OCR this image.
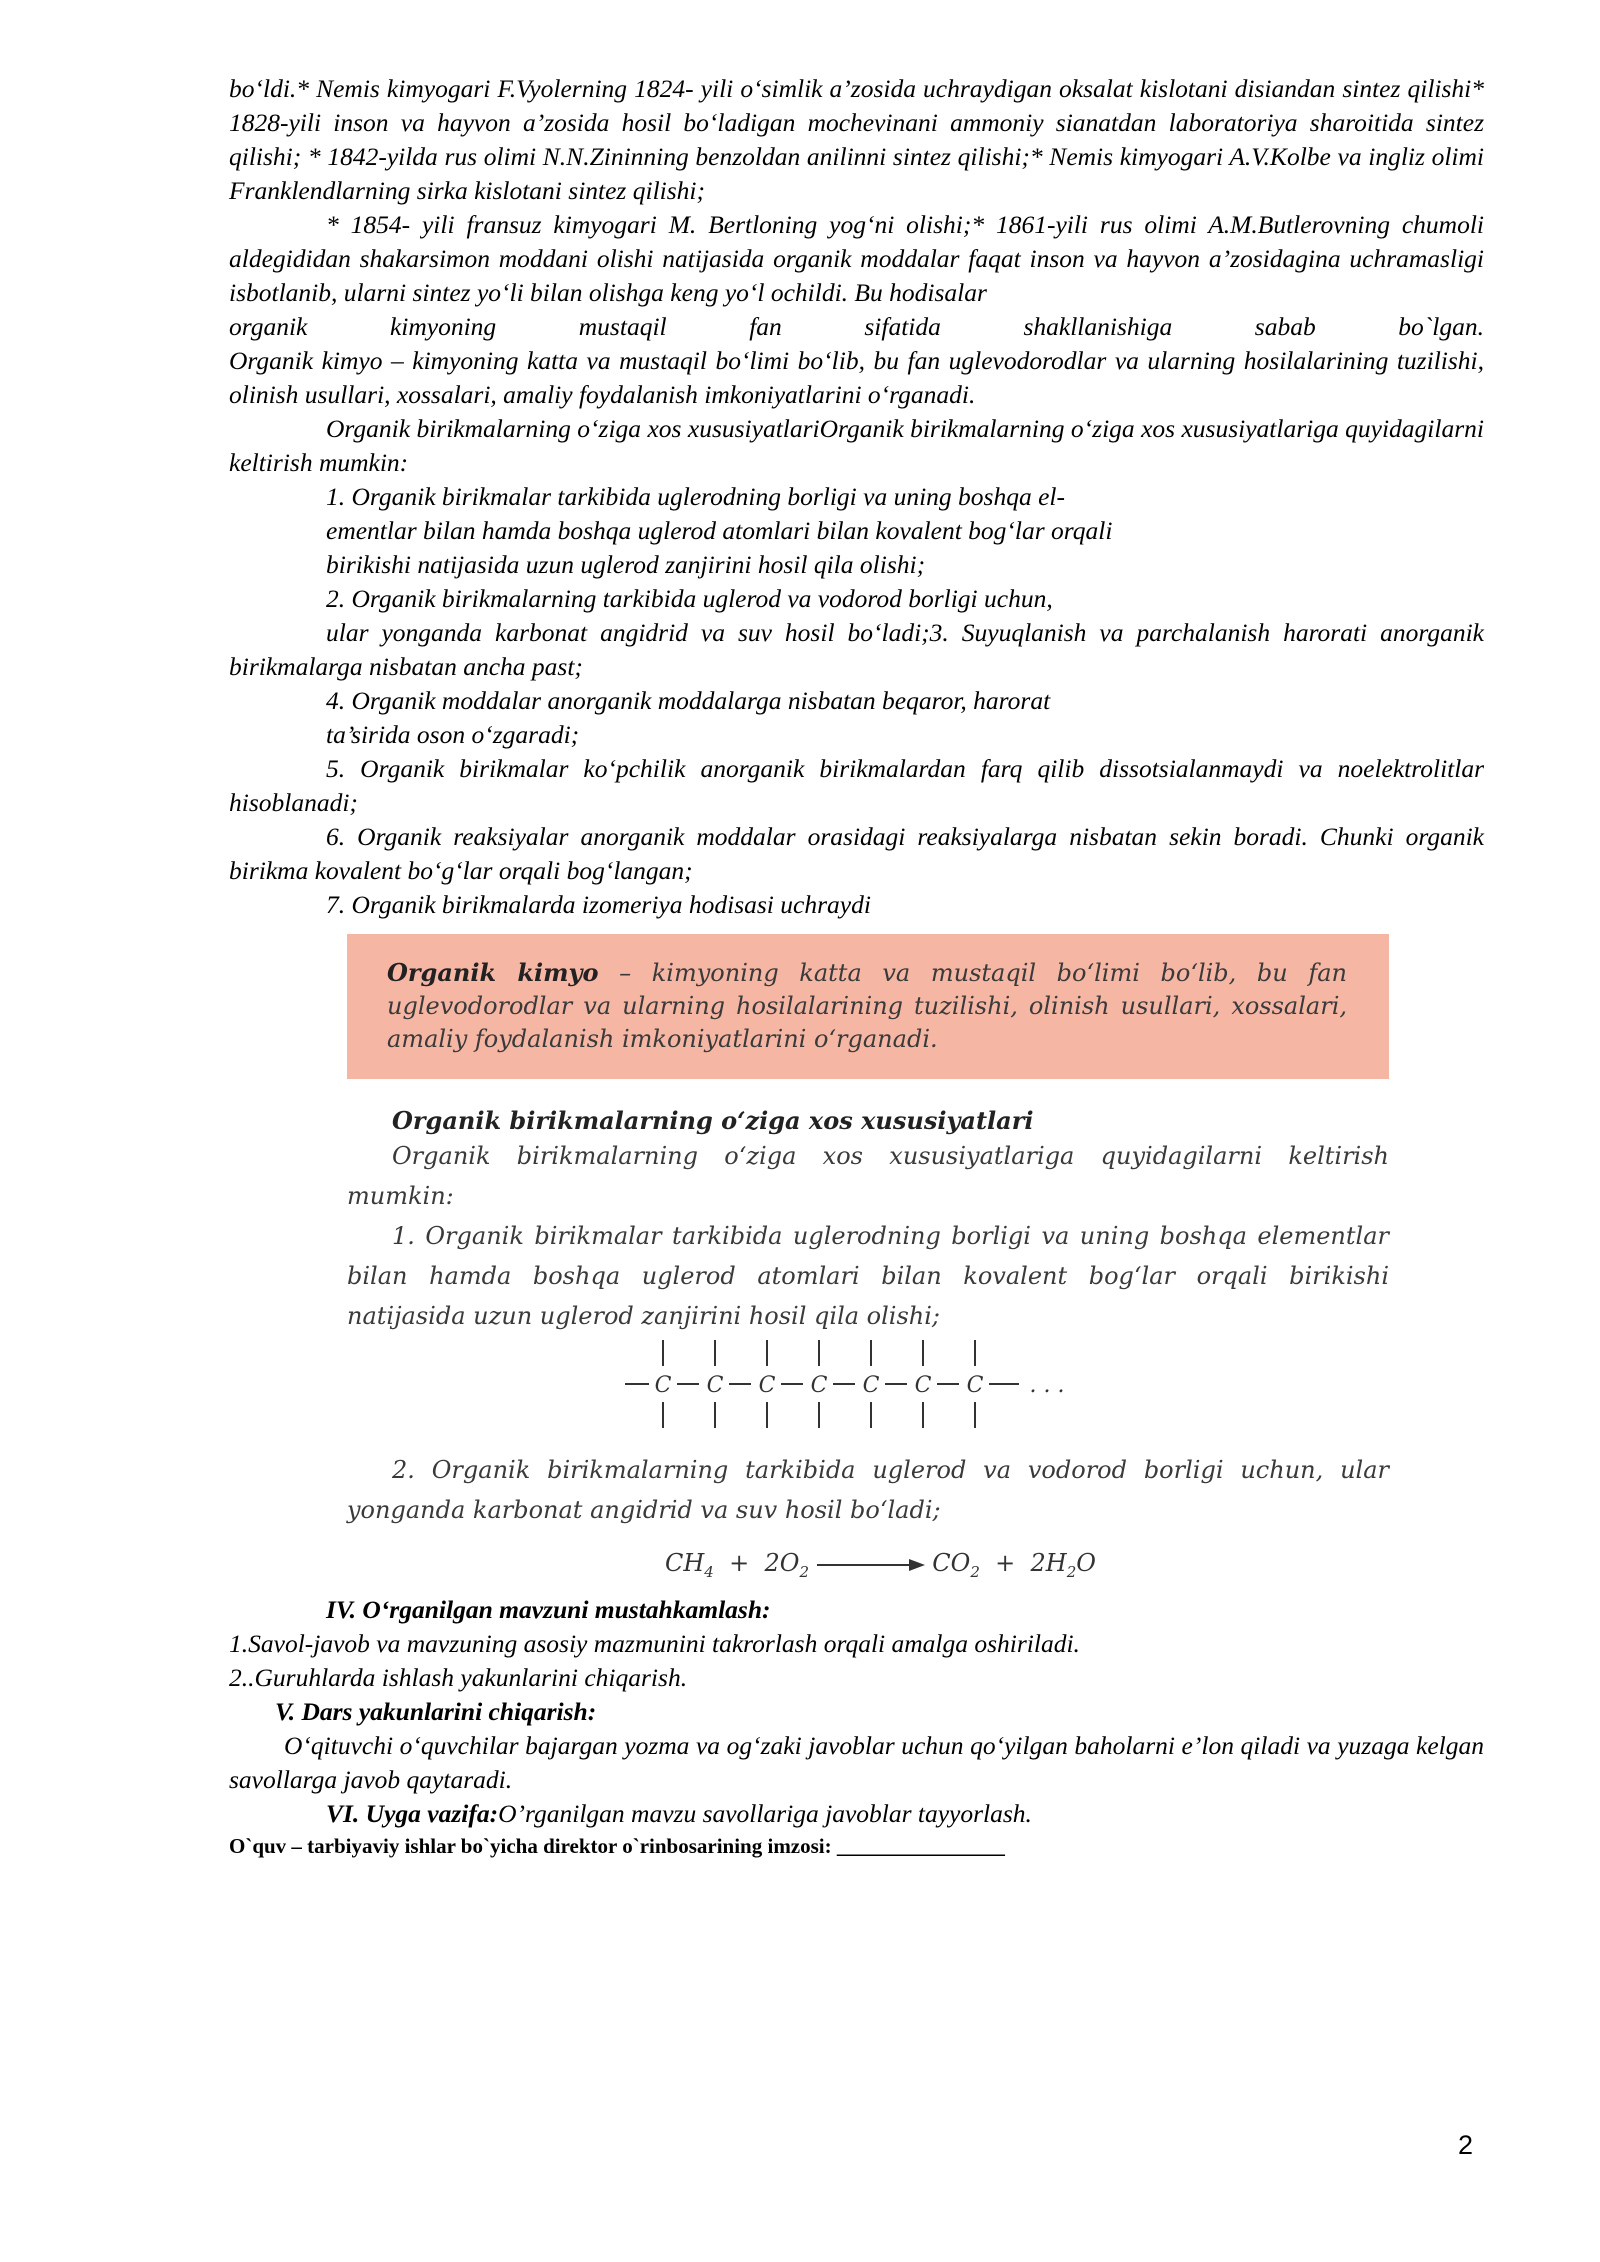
bo‘ldi.* Nemis kimyogari F.Vyolerning 1824- yili o‘simlik a’zosida uchraydigan oksalat kislotani disiandan sintez qilishi* 1828-yili inson va hayvon a’zosida hosil bo‘ladigan mochevinani ammoniy sianatdan laboratoriya sharoitida sintez qilishi; * 1842-yilda rus olimi N.N.Zininning benzoldan anilinni sintez qilishi;* Nemis kimyogari A.V.Kolbe va ingliz olimi Franklendlarning sirka kislotani sintez qilishi;

* 1854- yili fransuz kimyogari M. Bertloning yog‘ni olishi;* 1861-yili rus olimi A.M.Butlerovning chumoli aldegididan shakarsimon moddani olishi natijasida organik moddalar faqat inson va hayvon a’zosidagina uchramasligi isbotlanib, ularni sintez yo‘li bilan olishga keng yo‘l ochildi. Bu hodisalar

organik kimyoning mustaqil fan sifatida shakllanishiga sabab bo`lgan.

Organik kimyo – kimyoning katta va mustaqil bo‘limi bo‘lib, bu fan uglevodorodlar va ularning hosilalarining tuzilishi, olinish usullari, xossalari, amaliy foydalanish imkoniyatlarini o‘rganadi.

Organik birikmalarning o‘ziga xos xususiyatlariOrganik birikmalarning o‘ziga xos xususiyatlariga quyidagilarni keltirish mumkin:

1. Organik birikmalar tarkibida uglerodning borligi va uning boshqa el-

ementlar bilan hamda boshqa uglerod atomlari bilan kovalent bog‘lar orqali

birikishi natijasida uzun uglerod zanjirini hosil qila olishi;

2. Organik birikmalarning tarkibida uglerod va vodorod borligi uchun,

ular yonganda karbonat angidrid va suv hosil bo‘ladi;3. Suyuqlanish va parchalanish harorati anorganik birikmalarga nisbatan ancha past;

4. Organik moddalar anorganik moddalarga nisbatan beqaror, harorat

ta’sirida oson o‘zgaradi;

5. Organik birikmalar ko‘pchilik anorganik birikmalardan farq qilib dissotsialanmaydi va noelektrolitlar hisoblanadi;

6. Organik reaksiyalar anorganik moddalar orasidagi reaksiyalarga nisbatan sekin boradi. Chunki organik birikma kovalent bo‘g‘lar orqali bog‘langan;

7. Organik birikmalarda izomeriya hodisasi uchraydi

Organik kimyo – kimyoning katta va mustaqil bo‘limi bo‘lib, bu fan uglevodorodlar va ularning hosilalarining tuzilishi, olinish usullari, xossalari, amaliy foydalanish imkoniyatlarini o‘rganadi.

Organik birikmalarning o‘ziga xos xususiyatlari
Organik birikmalarning o‘ziga xos xususiyatlariga quyidagilarni keltirish mumkin:
1. Organik birikmalar tarkibida uglerodning borligi va uning boshqa elementlar bilan hamda boshqa uglerod atomlari bilan kovalent bog‘lar orqali birikishi natijasida uzun uglerod zanjirini hosil qila olishi;
C C C C C C C . . .
2. Organik birikmalarning tarkibida uglerod va vodorod borligi uchun, ular yonganda karbonat angidrid va suv hosil bo‘ladi;
$CH_4 + 2O_2$	$CO_2 + 2H_2O$

IV. O‘rganilgan mavzuni mustahkamlash:

1.Savol-javob va mavzuning asosiy mazmunini takrorlash orqali amalga oshiriladi.

2..Guruhlarda ishlash yakunlarini chiqarish.

V. Dars yakunlarini chiqarish:

O‘qituvchi o‘quvchilar bajargan yozma va og‘zaki javoblar uchun qo‘yilgan baholarni e’lon qiladi va yuzaga kelgan savollarga javob qaytaradi.

VI. Uyga vazifa:O’rganilgan mavzu savollariga javoblar tayyorlash.

O`quv – tarbiyaviy ishlar bo`yicha direktor o`rinbosarining imzosi: ________________

2
